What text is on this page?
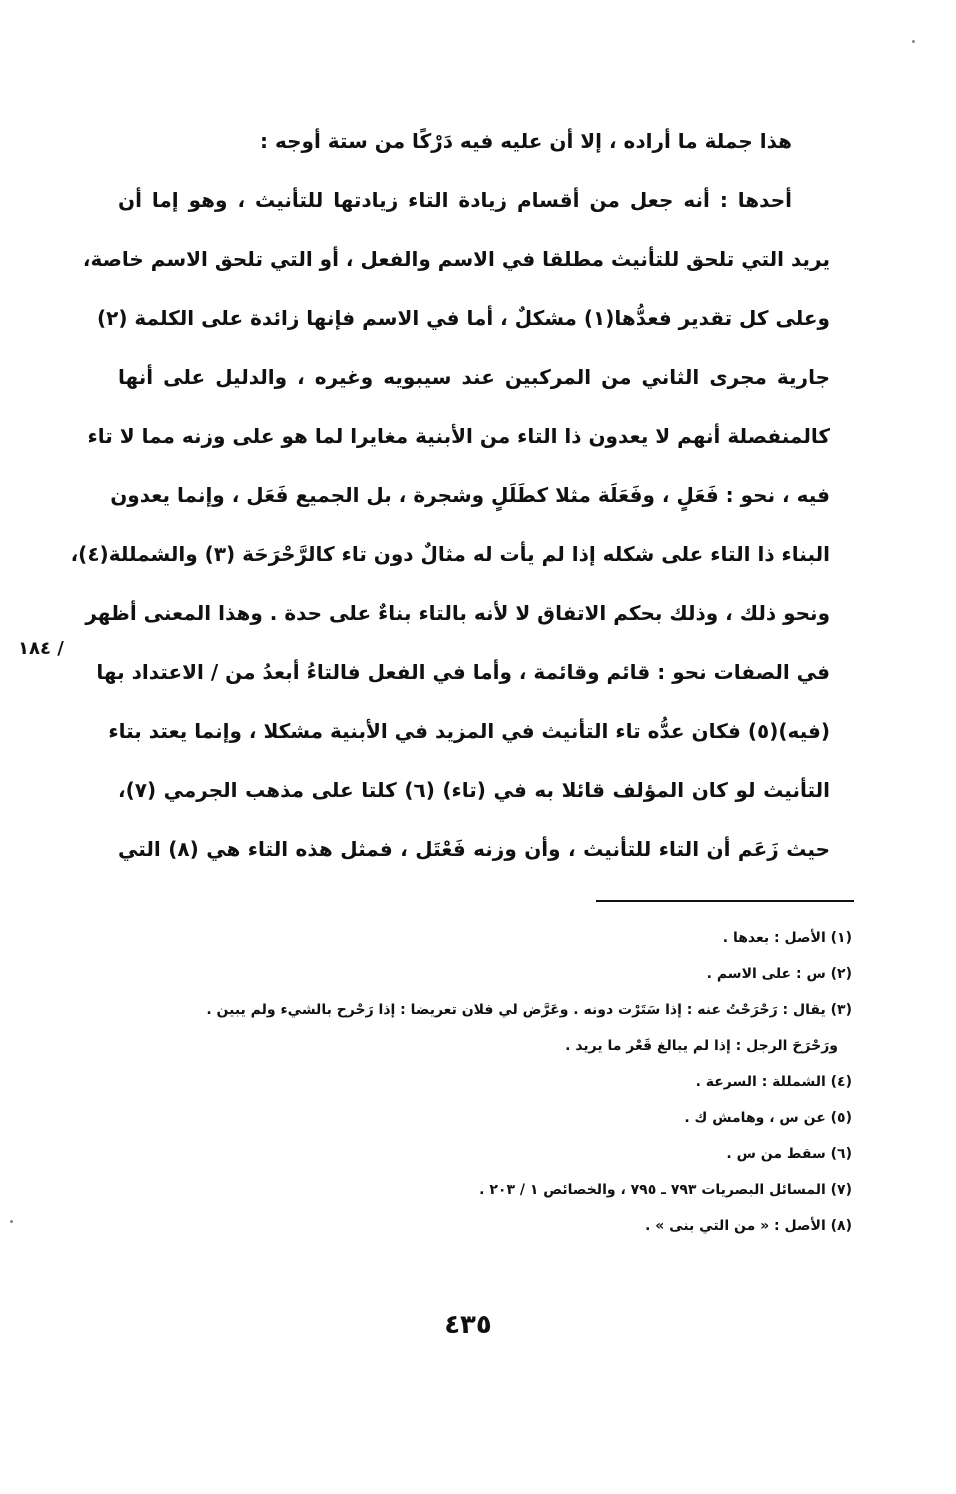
هذا جملة ما أراده ، إلا أن عليه فيه دَرْكًا من ستة أوجه :
أحدها : أنه جعل من أقسام زيادة التاء زيادتها للتأنيث ، وهو إما أن
يريد التي تلحق للتأنيث مطلقا في الاسم والفعل ، أو التي تلحق الاسم خاصة،
وعلى كل تقدير فعدُّها(١) مشكلٌ ، أما في الاسم فإنها زائدة على الكلمة (٢)
جارية مجرى الثاني من المركبين عند سيبويه وغيره ، والدليل على أنها
كالمنفصلة أنهم لا يعدون ذا التاء من الأبنية مغايرا لما هو على وزنه مما لا تاء
فيه ، نحو : فَعَلٍ ، وفَعَلَة مثلا كطَلَلٍ وشجرة ، بل الجميع فَعَل ، وإنما يعدون
البناء ذا التاء على شكله إذا لم يأت له مثالٌ دون تاء كالرَّحْرَحَة (٣) والشمللة(٤)،
ونحو ذلك ، وذلك بحكم الاتفاق لا لأنه بالتاء بناءٌ على حدة . وهذا المعنى أظهر
في الصفات نحو : قائم وقائمة ، وأما في الفعل فالتاءُ أبعدُ من / الاعتداد بها
(فيه)(٥) فكان عدُّه تاء التأنيث في المزيد في الأبنية مشكلا ، وإنما يعتد بتاء
التأنيث لو كان المؤلف قائلا به في (تاء) (٦) كلتا على مذهب الجرمي (٧)،
حيث زَعَم أن التاء للتأنيث ، وأن وزنه فَعْتَل ، فمثل هذه التاء هي (٨) التي
/ ١٨٤
(١) الأصل : بعدها .
(٢) س : على الاسم .
(٣) يقال : رَحْرَحْتُ عنه : إذا سَتَرْت دونه . وعَرَّض لي فلان تعريضا : إذا رَحْرح بالشيء ولم يبين .
ورَحْرَحَ الرجل : إذا لم يبالغ قَعْر ما يريد .
(٤) الشمللة : السرعة .
(٥) عن س ، وهامش ك .
(٦) سقط من س .
(٧) المسائل البصريات ٧٩٣ ـ ٧٩٥ ، والخصائص ١ / ٢٠٣ .
(٨) الأصل : « من التي بنى » .
٤٣٥
